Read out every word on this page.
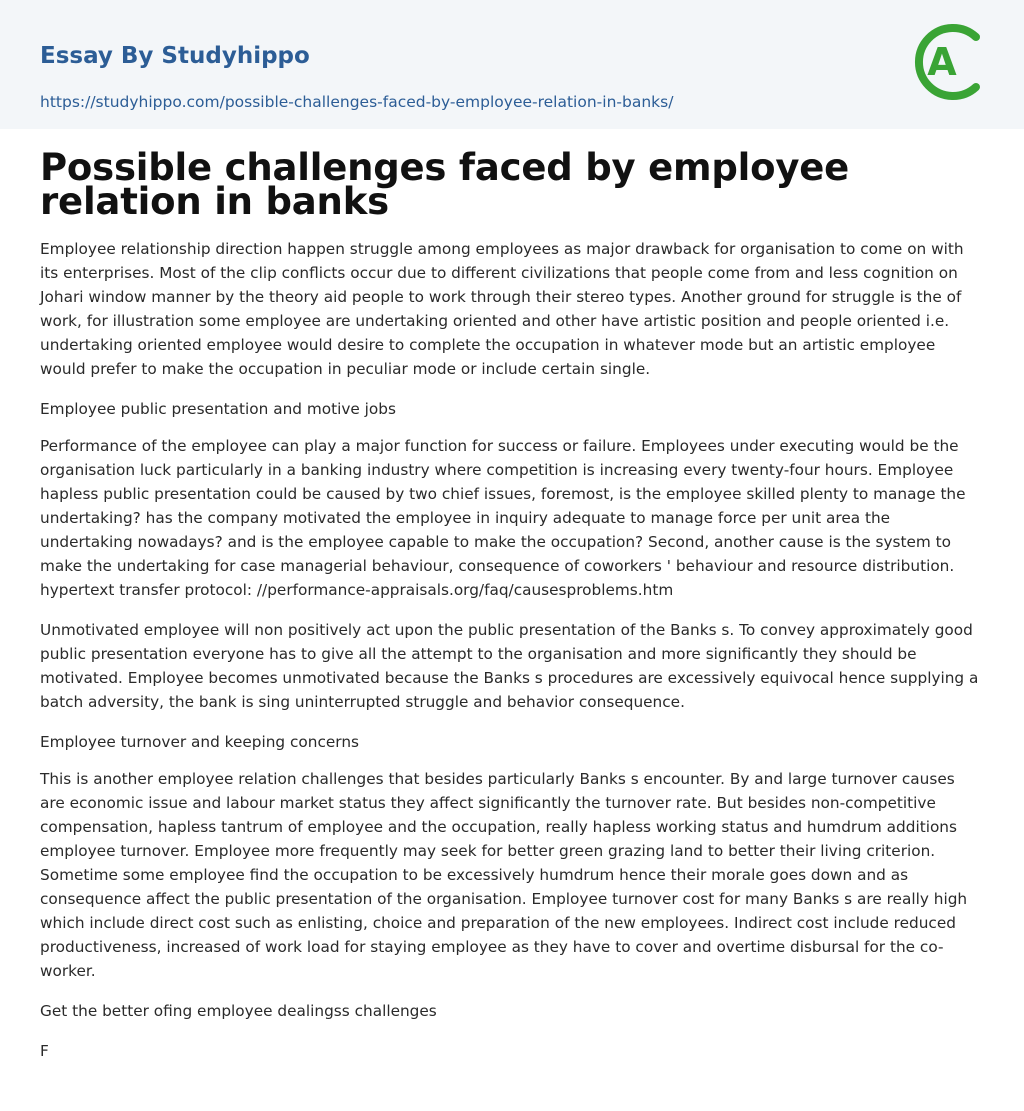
Essay By Studyhippo
https://studyhippo.com/possible-challenges-faced-by-employee-relation-in-banks/
A
Possible challenges faced by employee relation in banks

Employee relationship direction happen struggle among employees as major drawback for organisation to come on with its enterprises. Most of the clip conflicts occur due to different civilizations that people come from and less cognition on Johari window manner by the theory aid people to work through their stereo types. Another ground for struggle is the of work, for illustration some employee are undertaking oriented and other have artistic position and people oriented i.e. undertaking oriented employee would desire to complete the occupation in whatever mode but an artistic employee would prefer to make the occupation in peculiar mode or include certain single.

Employee public presentation and motive jobs

Performance of the employee can play a major function for success or failure. Employees under executing would be the organisation luck particularly in a banking industry where competition is increasing every twenty-four hours. Employee hapless public presentation could be caused by two chief issues, foremost, is the employee skilled plenty to manage the undertaking? has the company motivated the employee in inquiry adequate to manage force per unit area the undertaking nowadays? and is the employee capable to make the occupation? Second, another cause is the system to make the undertaking for case managerial behaviour, consequence of coworkers ' behaviour and resource distribution. hypertext transfer protocol: //performance-appraisals.org/faq/causesproblems.htm

Unmotivated employee will non positively act upon the public presentation of the Banks s. To convey approximately good public presentation everyone has to give all the attempt to the organisation and more significantly they should be motivated. Employee becomes unmotivated because the Banks s procedures are excessively equivocal hence supplying a batch adversity, the bank is sing uninterrupted struggle and behavior consequence.

Employee turnover and keeping concerns

This is another employee relation challenges that besides particularly Banks s encounter. By and large turnover causes are economic issue and labour market status they affect significantly the turnover rate. But besides non-competitive compensation, hapless tantrum of employee and the occupation, really hapless working status and humdrum additions employee turnover. Employee more frequently may seek for better green grazing land to better their living criterion. Sometime some employee find the occupation to be excessively humdrum hence their morale goes down and as consequence affect the public presentation of the organisation. Employee turnover cost for many Banks s are really high which include direct cost such as enlisting, choice and preparation of the new employees. Indirect cost include reduced productiveness, increased of work load for staying employee as they have to cover and overtime disbursal for the co-worker.

Get the better ofing employee dealingss challenges

F
